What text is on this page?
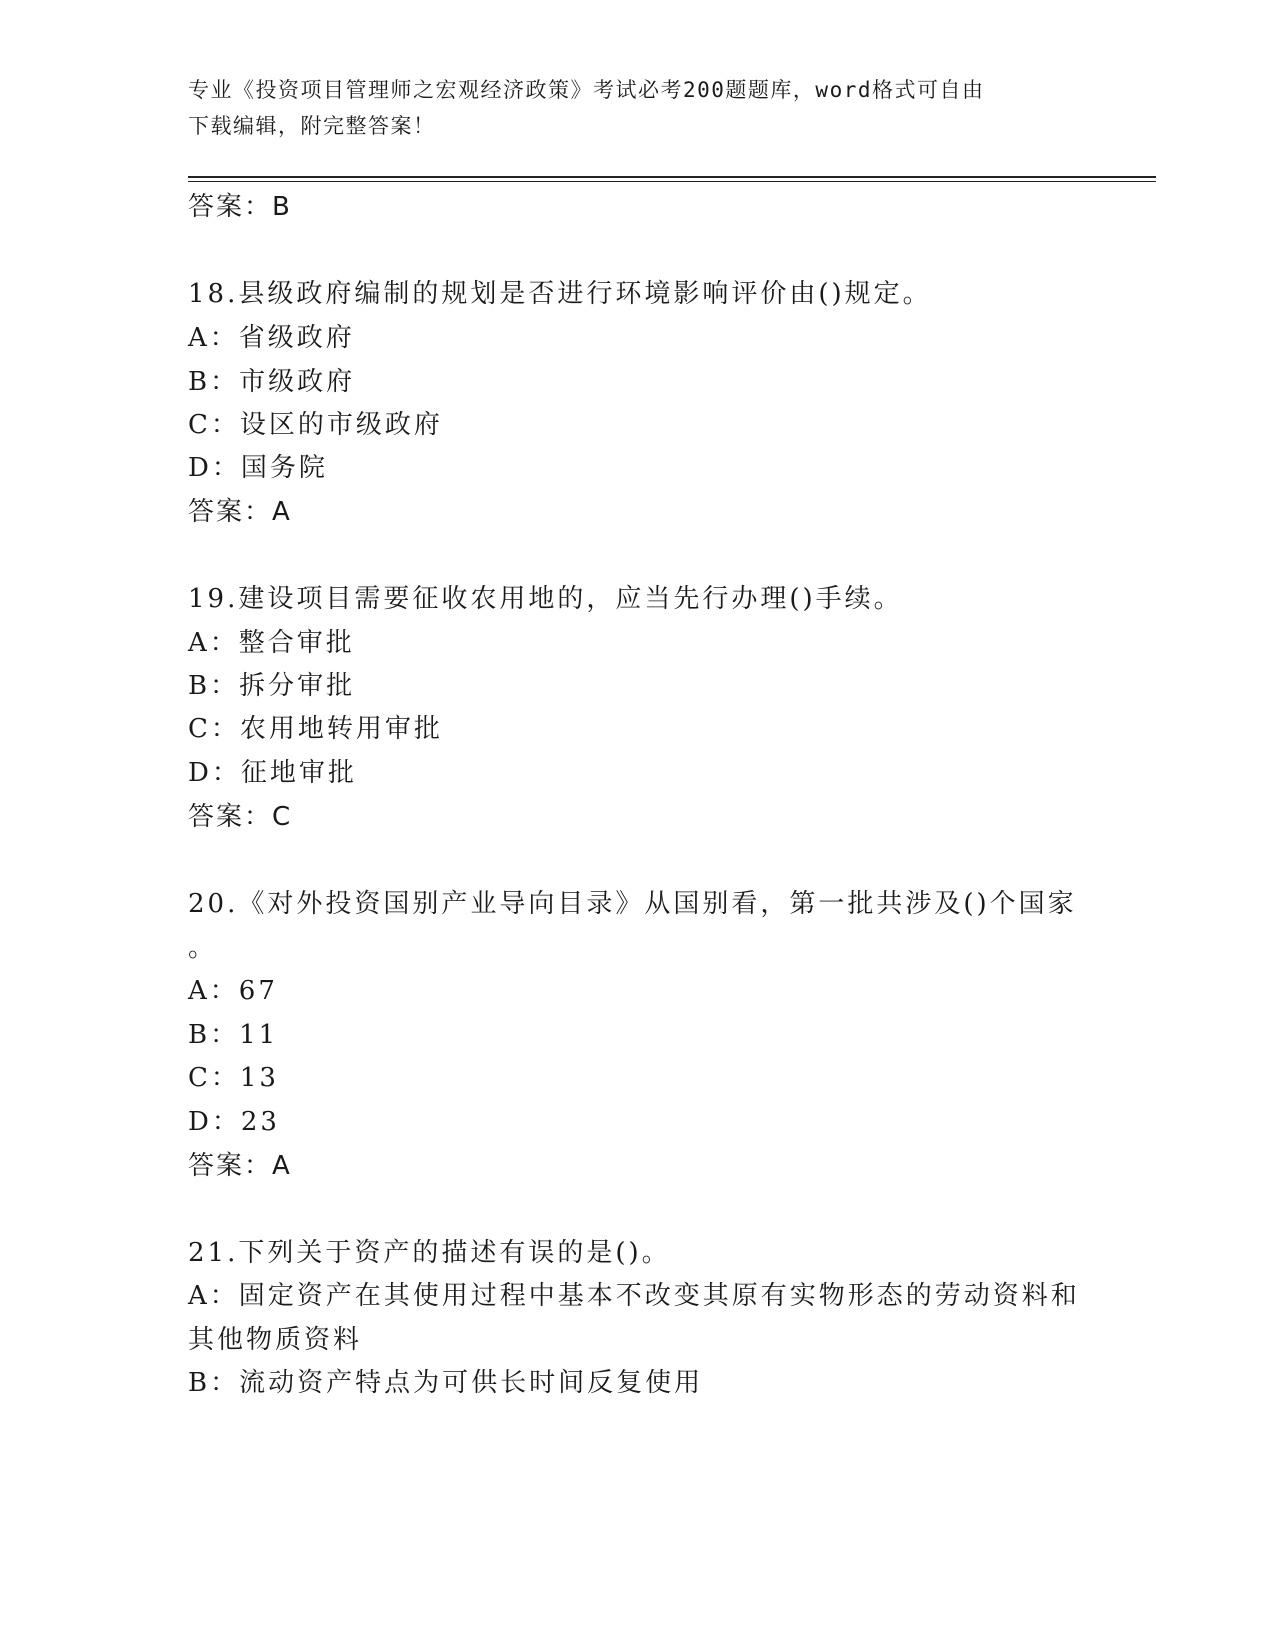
专业《投资项目管理师之宏观经济政策》考试必考200题题库，word格式可自由
下载编辑，附完整答案！
答案：B
18.县级政府编制的规划是否进行环境影响评价由()规定。
A：省级政府
B：市级政府
C：设区的市级政府
D：国务院
答案：A
19.建设项目需要征收农用地的，应当先行办理()手续。
A：整合审批
B：拆分审批
C：农用地转用审批
D：征地审批
答案：C
20.《对外投资国别产业导向目录》从国别看，第一批共涉及()个国家
。
A：67
B：11
C：13
D：23
答案：A
21.下列关于资产的描述有误的是()。
A：固定资产在其使用过程中基本不改变其原有实物形态的劳动资料和
其他物质资料
B：流动资产特点为可供长时间反复使用
